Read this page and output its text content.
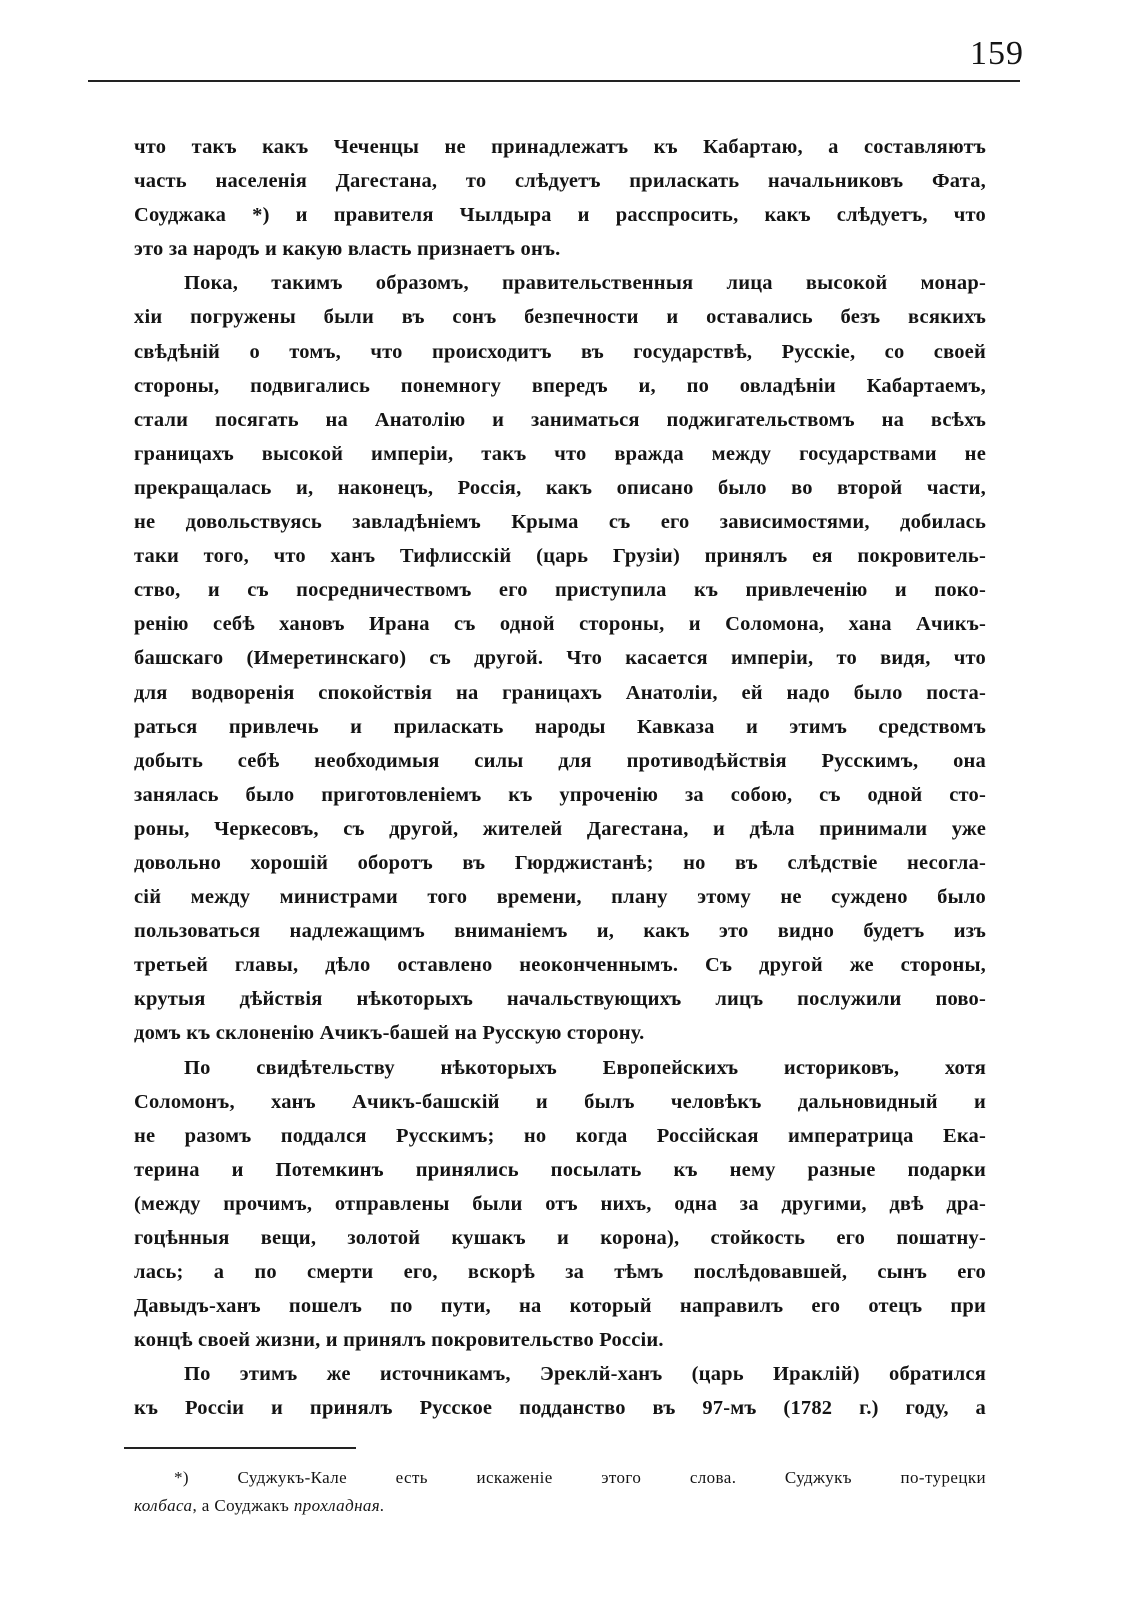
159
что такъ какъ Чеченцы не принадлежатъ къ Кабартаю, а составляютъ
часть населенія Дагестана, то слѣдуетъ приласкать начальниковъ Фата,
Соуджака *) и правителя Чылдыра и расспросить, какъ слѣдуетъ, что
это за народъ и какую власть признаетъ онъ.
Пока, такимъ образомъ, правительственныя лица высокой монар-
хіи погружены были въ сонъ безпечности и оставались безъ всякихъ
свѣдѣній о томъ, что происходитъ въ государствѣ, Русскіе, со своей
стороны, подвигались понемногу впередъ и, по овладѣніи Кабартаемъ,
стали посягать на Анатолію и заниматься поджигательствомъ на всѣхъ
границахъ высокой имперіи, такъ что вражда между государствами не
прекращалась и, наконецъ, Россія, какъ описано было во второй части,
не довольствуясь завладѣніемъ Крыма съ его зависимостями, добилась
таки того, что ханъ Тифлисскій (царь Грузіи) принялъ ея покровитель-
ство, и съ посредничествомъ его приступила къ привлеченію и поко-
ренію себѣ хановъ Ирана съ одной стороны, и Соломона, хана Ачикъ-
башскаго (Имеретинскаго) съ другой. Что касается имперіи, то видя, что
для водворенія спокойствія на границахъ Анатоліи, ей надо было поста-
раться привлечь и приласкать народы Кавказа и этимъ средствомъ
добыть себѣ необходимыя силы для противодѣйствія Русскимъ, она
занялась было приготовленіемъ къ упроченію за собою, съ одной сто-
роны, Черкесовъ, съ другой, жителей Дагестана, и дѣла принимали уже
довольно хорошій оборотъ въ Гюрджистанѣ; но въ слѣдствіе несогла-
сій между министрами того времени, плану этому не суждено было
пользоваться надлежащимъ вниманіемъ и, какъ это видно будетъ изъ
третьей главы, дѣло оставлено неоконченнымъ. Съ другой же стороны,
крутыя дѣйствія нѣкоторыхъ начальствующихъ лицъ послужили пово-
домъ къ склоненію Ачикъ-башей на Русскую сторону.
По свидѣтельству нѣкоторыхъ Европейскихъ историковъ, хотя
Соломонъ, ханъ Ачикъ-башскій и былъ человѣкъ дальновидный и
не разомъ поддался Русскимъ; но когда Россійская императрица Ека-
терина и Потемкинъ принялись посылать къ нему разные подарки
(между прочимъ, отправлены были отъ нихъ, одна за другими, двѣ дра-
гоцѣнныя вещи, золотой кушакъ и корона), стойкость его пошатну-
лась; а по смерти его, вскорѣ за тѣмъ послѣдовавшей, сынъ его
Давыдъ-ханъ пошелъ по пути, на который направилъ его отецъ при
концѣ своей жизни, и принялъ покровительство Россіи.
По этимъ же источникамъ, Эреклй-ханъ (царь Ираклій) обратился
къ Россіи и принялъ Русское подданство въ 97-мъ (1782 г.) году, а
*) Суджукъ-Кале есть искаженіе этого слова. Суджукъ по-турецки
колбаса, а Соуджакъ прохладная.
